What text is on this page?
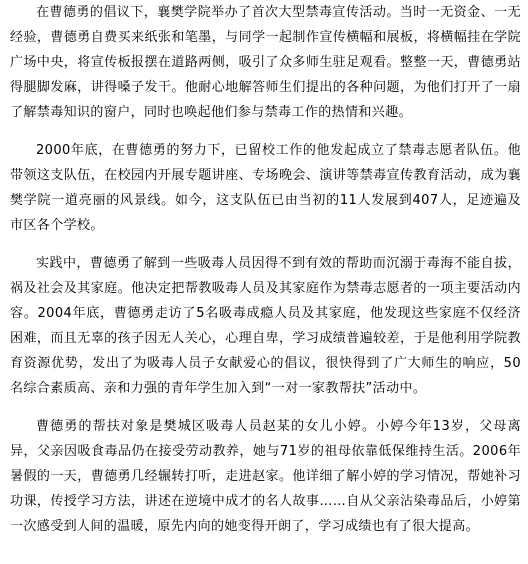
在曹德勇的倡议下，襄樊学院举办了首次大型禁毒宣传活动。当时一无资金、一无经验，曹德勇自费买来纸张和笔墨，与同学一起制作宣传横幅和展板，将横幅挂在学院广场中央，将宣传板报摆在道路两侧，吸引了众多师生驻足观看。整整一天，曹德勇站得腿脚发麻，讲得嗓子发干。他耐心地解答师生们提出的各种问题，为他们打开了一扇了解禁毒知识的窗户，同时也唤起他们参与禁毒工作的热情和兴趣。

2000年底，在曹德勇的努力下，已留校工作的他发起成立了禁毒志愿者队伍。他带领这支队伍，在校园内开展专题讲座、专场晚会、演讲等禁毒宣传教育活动，成为襄樊学院一道亮丽的风景线。如今，这支队伍已由当初的11人发展到407人，足迹遍及市区各个学校。

实践中，曹德勇了解到一些吸毒人员因得不到有效的帮助而沉溺于毒海不能自拔，祸及社会及其家庭。他决定把帮教吸毒人员及其家庭作为禁毒志愿者的一项主要活动内容。2004年底，曹德勇走访了5名吸毒成瘾人员及其家庭，他发现这些家庭不仅经济困难，而且无辜的孩子因无人关心，心理自卑，学习成绩普遍较差，于是他利用学院教育资源优势，发出了为吸毒人员子女献爱心的倡议，很快得到了广大师生的响应，50名综合素质高、亲和力强的青年学生加入到“一对一家教帮扶”活动中。

曹德勇的帮扶对象是樊城区吸毒人员赵某的女儿小婷。小婷今年13岁，父母离异，父亲因吸食毒品仍在接受劳动教养，她与71岁的祖母依靠低保维持生活。2006年暑假的一天，曹德勇几经辗转打听，走进赵家。他详细了解小婷的学习情况，帮她补习功课，传授学习方法，讲述在逆境中成才的名人故事……自从父亲沾染毒品后，小婷第一次感受到人间的温暖，原先内向的她变得开朗了，学习成绩也有了很大提高。
